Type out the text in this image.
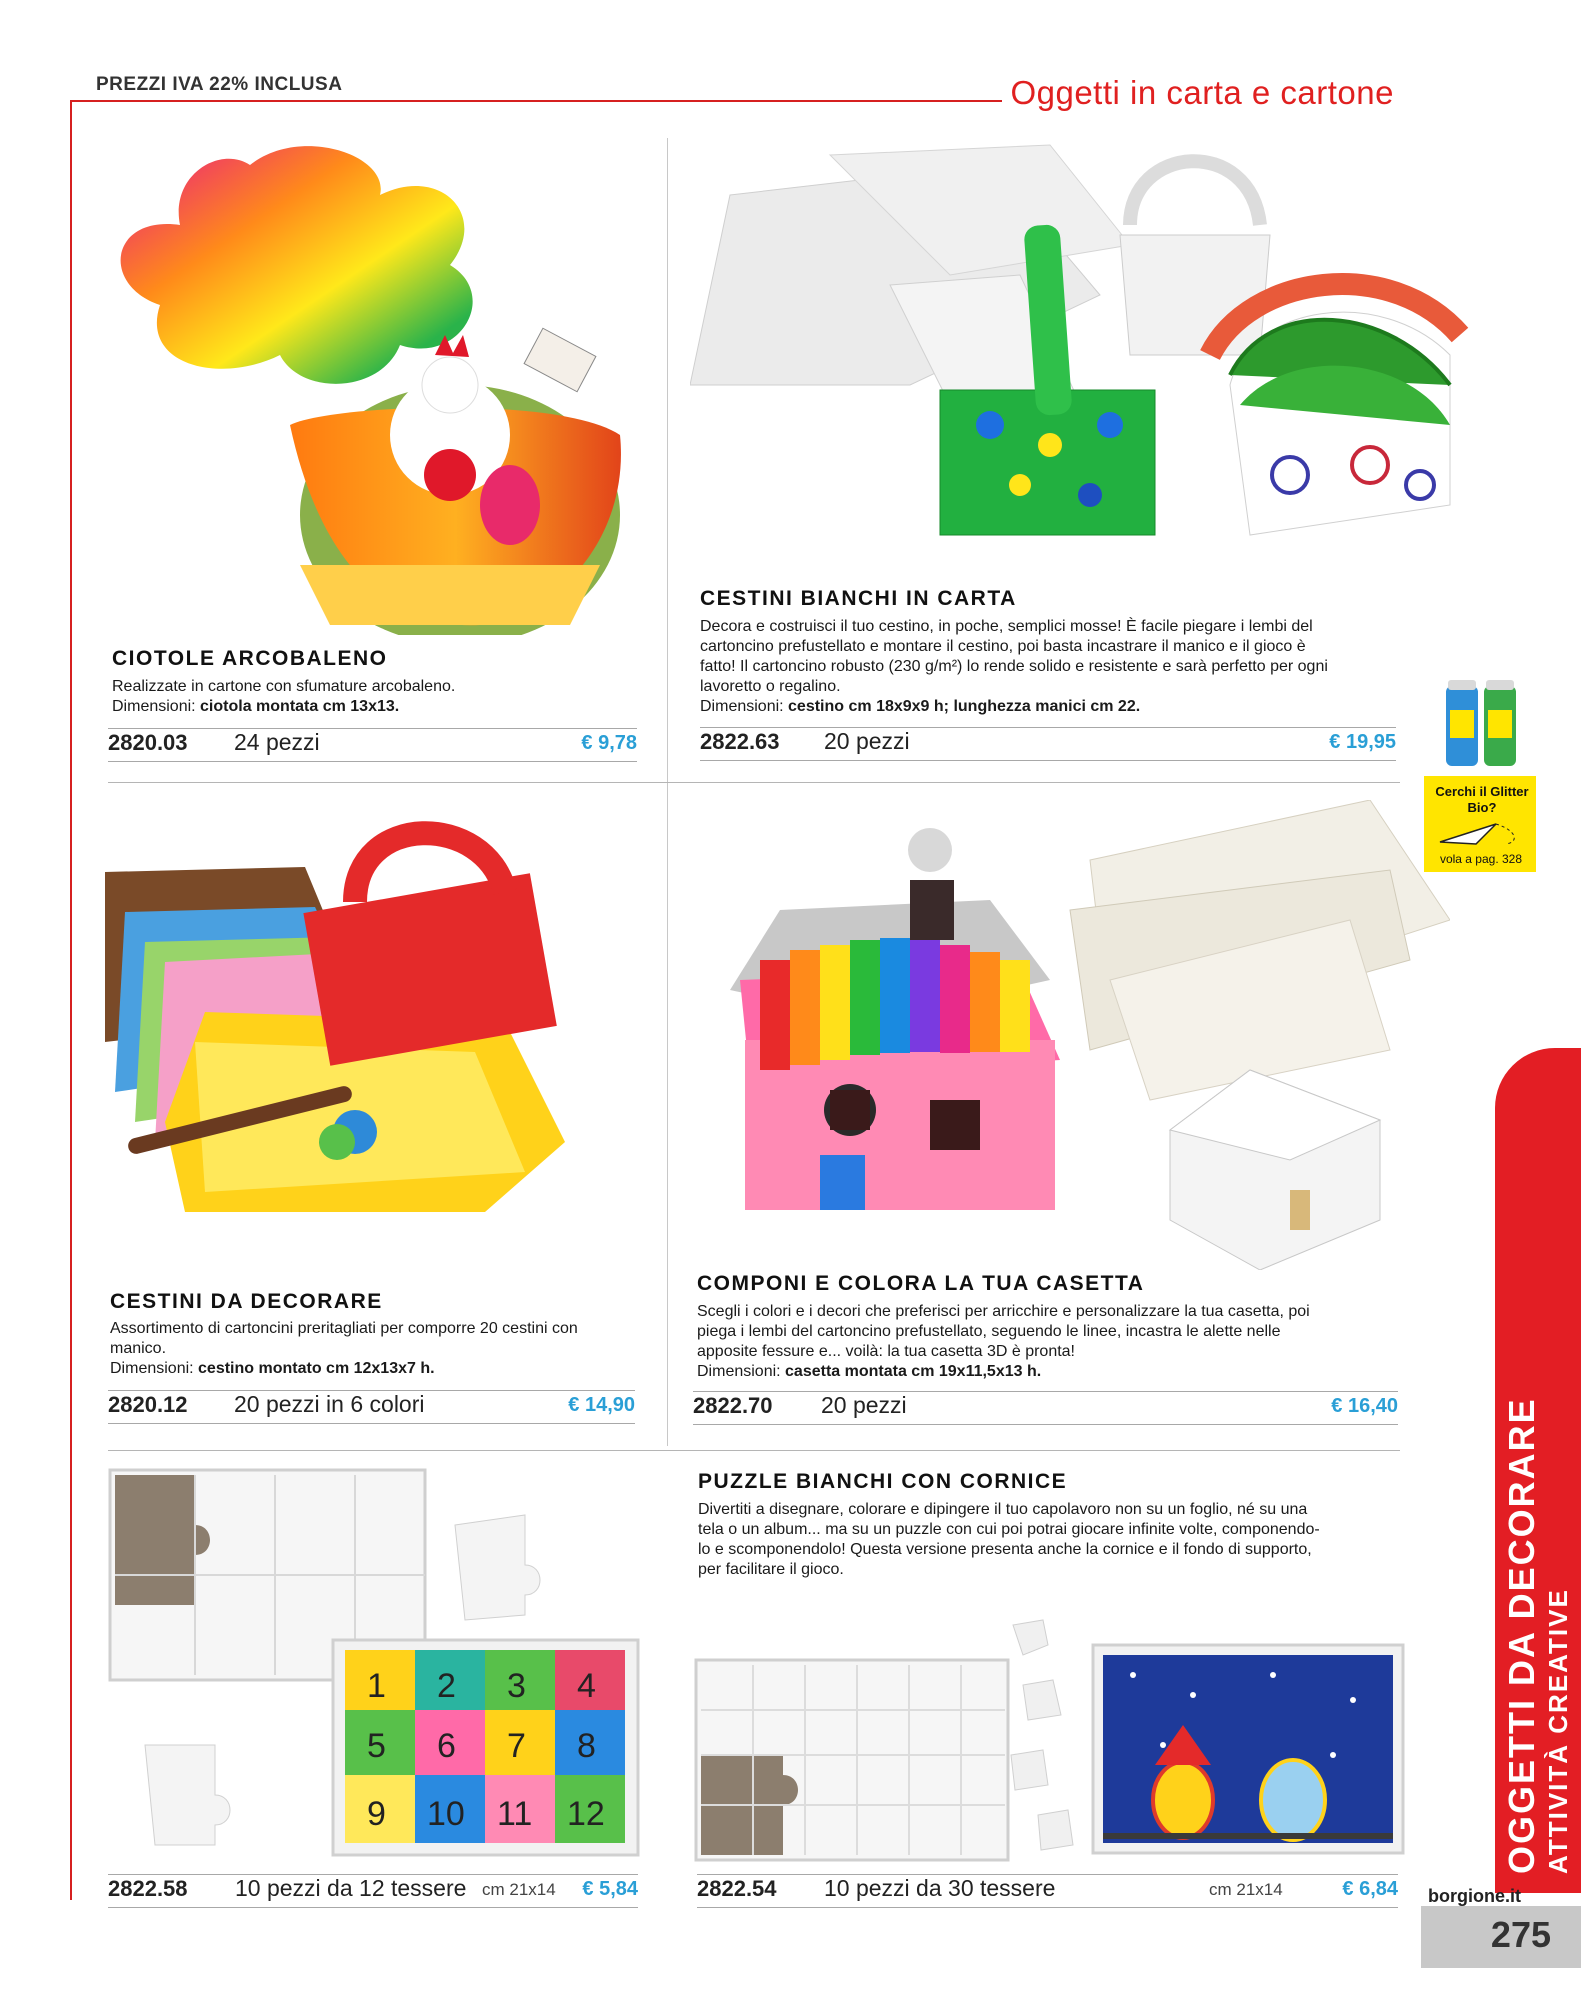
PREZZI IVA 22% INCLUSA	Oggetti in carta e cartone
CIOTOLE ARCOBALENO
Realizzate in cartone con sfumature arcobaleno.
Dimensioni: ciotola montata cm 13x13.
2820.03 24 pezzi	€ 9,78
CESTINI BIANCHI IN CARTA
Decora e costruisci il tuo cestino, in poche, semplici mosse! È facile piegare i lembi del
cartoncino prefustellato e montare il cestino, poi basta incastrare il manico e il gioco è
fatto! Il cartoncino robusto (230 g/m²) lo rende solido e resistente e sarà perfetto per ogni
lavoretto o regalino.
Dimensioni: cestino cm 18x9x9 h; lunghezza manici cm 22.
2822.63 20 pezzi	€ 19,95
Cerchi il Glitter Bio?
vola a pag. 328
CESTINI DA DECORARE
Assortimento di cartoncini preritagliati per comporre 20 cestini con
manico.
Dimensioni: cestino montato cm 12x13x7 h.
2820.12 20 pezzi in 6 colori	€ 14,90
COMPONI E COLORA LA TUA CASETTA
Scegli i colori e i decori che preferisci per arricchire e personalizzare la tua casetta, poi
piega i lembi del cartoncino prefustellato, seguendo le linee, incastra le alette nelle
apposite fessure e... voilà: la tua casetta 3D è pronta!
Dimensioni: casetta montata cm 19x11,5x13 h.
2822.70 20 pezzi	€ 16,40
1 2 3 4
5 6 7 8
9 10 11 12
2822.58 10 pezzi da 12 tessere cm 21x14 € 5,84
PUZZLE BIANCHI CON CORNICE
Divertiti a disegnare, colorare e dipingere il tuo capolavoro non su un foglio, né su una
tela o un album... ma su un puzzle con cui poi potrai giocare infinite volte, componendo-
lo e scomponendolo! Questa versione presenta anche la cornice e il fondo di supporto,
per facilitare il gioco.
2822.54 10 pezzi da 30 tessere	cm 21x14	€ 6,84
OGGETTI DA DECORARE ATTIVITÀ CREATIVE
borgione.it
275
